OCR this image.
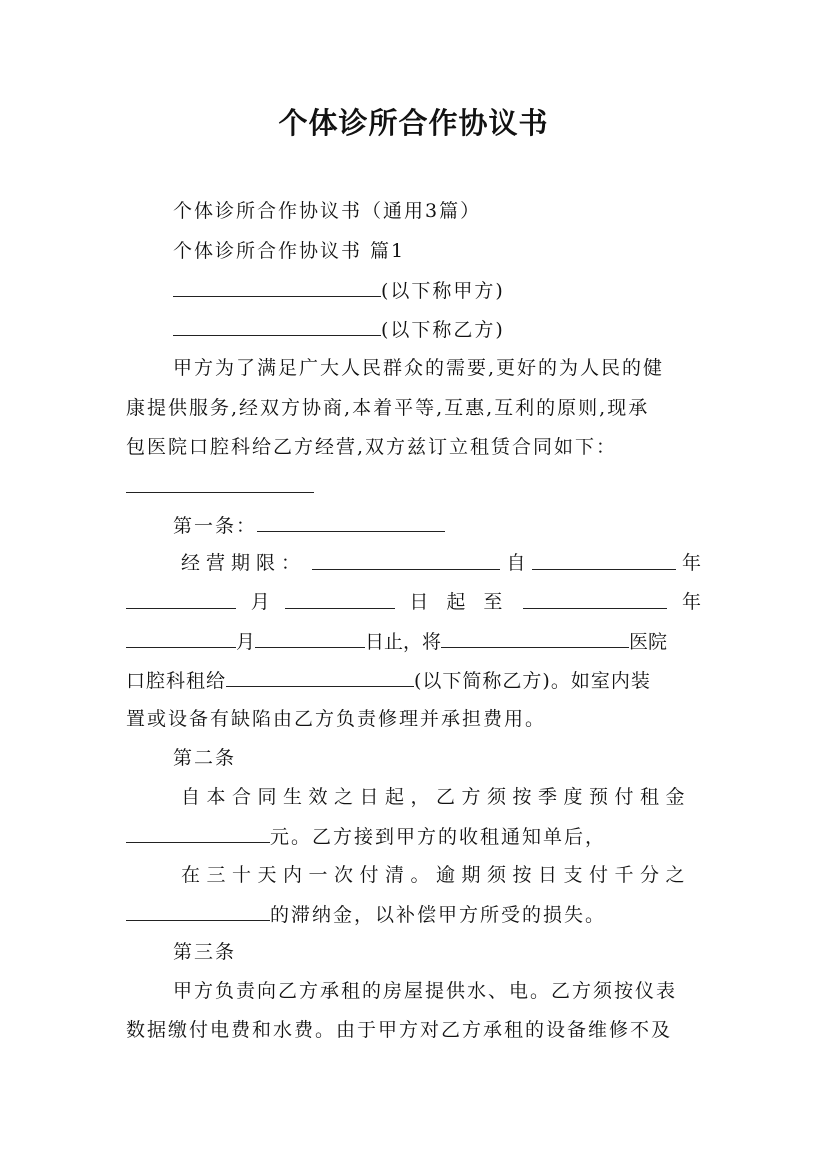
个体诊所合作协议书
个体诊所合作协议书（通用3篇）
个体诊所合作协议书 篇1
(以下称甲方)
(以下称乙方)
甲方为了满足广大人民群众的需要,更好的为人民的健
康提供服务,经双方协商,本着平等,互惠,互利的原则,现承
包医院口腔科给乙方经营,双方兹订立租赁合同如下：
第一条：
经营期限：	自	年
月	日 起 至	年
月	日止，将	医院
口腔科租给	(以下简称乙方)。如室内装
置或设备有缺陷由乙方负责修理并承担费用。
第二条
自本合同生效之日起，乙方须按季度预付租金
元。乙方接到甲方的收租通知单后，
在三十天内一次付清。逾期须按日支付千分之
的滞纳金，以补偿甲方所受的损失。
第三条
甲方负责向乙方承租的房屋提供水、电。乙方须按仪表
数据缴付电费和水费。由于甲方对乙方承租的设备维修不及
